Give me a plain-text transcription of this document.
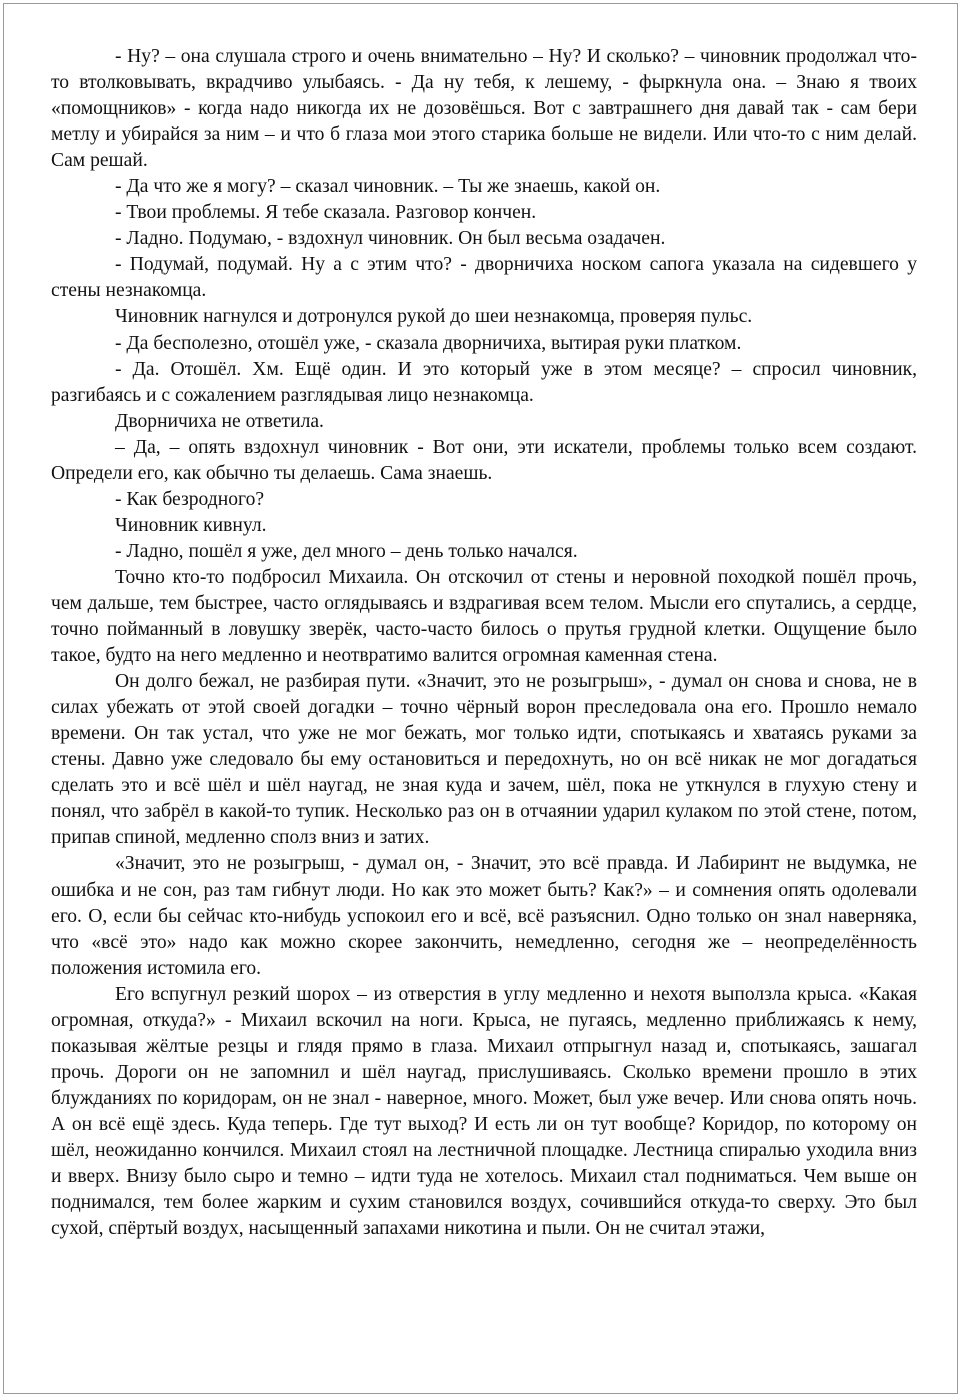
- Ну? – она слушала строго и очень внимательно – Ну? И сколько? – чиновник продолжал что-то втолковывать, вкрадчиво улыбаясь. - Да ну тебя, к лешему, - фыркнула она. – Знаю я твоих «помощников» - когда надо никогда их не дозовёшься. Вот с завтрашнего дня давай так - сам бери метлу и убирайся за ним – и что б глаза мои этого старика больше не видели. Или что-то с ним делай. Сам решай.

- Да что же я могу? – сказал чиновник. – Ты же знаешь, какой он.

- Твои проблемы. Я тебе сказала. Разговор кончен.

- Ладно. Подумаю, - вздохнул чиновник. Он был весьма озадачен.

- Подумай, подумай. Ну а с этим что? - дворничиха носком сапога указала на сидевшего у стены незнакомца.

Чиновник нагнулся и дотронулся рукой до шеи незнакомца, проверяя пульс.

- Да бесполезно, отошёл уже, - сказала дворничиха, вытирая руки платком.

- Да. Отошёл. Хм. Ещё один. И это который уже в этом месяце? – спросил чиновник, разгибаясь и с сожалением разглядывая лицо незнакомца.

Дворничиха не ответила.

– Да, – опять вздохнул чиновник - Вот они, эти искатели, проблемы только всем создают. Определи его, как обычно ты делаешь. Сама знаешь.

- Как безродного?

Чиновник кивнул.

- Ладно, пошёл я уже, дел много – день только начался.

Точно кто-то подбросил Михаила. Он отскочил от стены и неровной походкой пошёл прочь, чем дальше, тем быстрее, часто оглядываясь и вздрагивая всем телом. Мысли его спутались, а сердце, точно пойманный в ловушку зверёк, часто-часто билось о прутья грудной клетки. Ощущение было такое, будто на него медленно и неотвратимо валится огромная каменная стена.

Он долго бежал, не разбирая пути. «Значит, это не розыгрыш», - думал он снова и снова, не в силах убежать от этой своей догадки – точно чёрный ворон преследовала она его. Прошло немало времени. Он так устал, что уже не мог бежать, мог только идти, спотыкаясь и хватаясь руками за стены. Давно уже следовало бы ему остановиться и передохнуть, но он всё никак не мог догадаться сделать это и всё шёл и шёл наугад, не зная куда и зачем, шёл, пока не уткнулся в глухую стену и понял, что забрёл в какой-то тупик. Несколько раз он в отчаянии ударил кулаком по этой стене, потом, припав спиной, медленно сполз вниз и затих.

«Значит, это не розыгрыш, - думал он, - Значит, это всё правда. И Лабиринт не выдумка, не ошибка и не сон, раз там гибнут люди. Но как это может быть? Как?» – и сомнения опять одолевали его. О, если бы сейчас кто-нибудь успокоил его и всё, всё разъяснил. Одно только он знал наверняка, что «всё это» надо как можно скорее закончить, немедленно, сегодня же – неопределённость положения истомила его.

Его вспугнул резкий шорох – из отверстия в углу медленно и нехотя выползла крыса. «Какая огромная, откуда?» - Михаил вскочил на ноги. Крыса, не пугаясь, медленно приближаясь к нему, показывая жёлтые резцы и глядя прямо в глаза. Михаил отпрыгнул назад и, спотыкаясь, зашагал прочь. Дороги он не запомнил и шёл наугад, прислушиваясь. Сколько времени прошло в этих блужданиях по коридорам, он не знал - наверное, много. Может, был уже вечер. Или снова опять ночь. А он всё ещё здесь. Куда теперь. Где тут выход? И есть ли он тут вообще? Коридор, по которому он шёл, неожиданно кончился. Михаил стоял на лестничной площадке. Лестница спиралью уходила вниз и вверх. Внизу было сыро и темно – идти туда не хотелось. Михаил стал подниматься. Чем выше он поднимался, тем более жарким и сухим становился воздух, сочившийся откуда-то сверху. Это был сухой, спёртый воздух, насыщенный запахами никотина и пыли. Он не считал этажи,
